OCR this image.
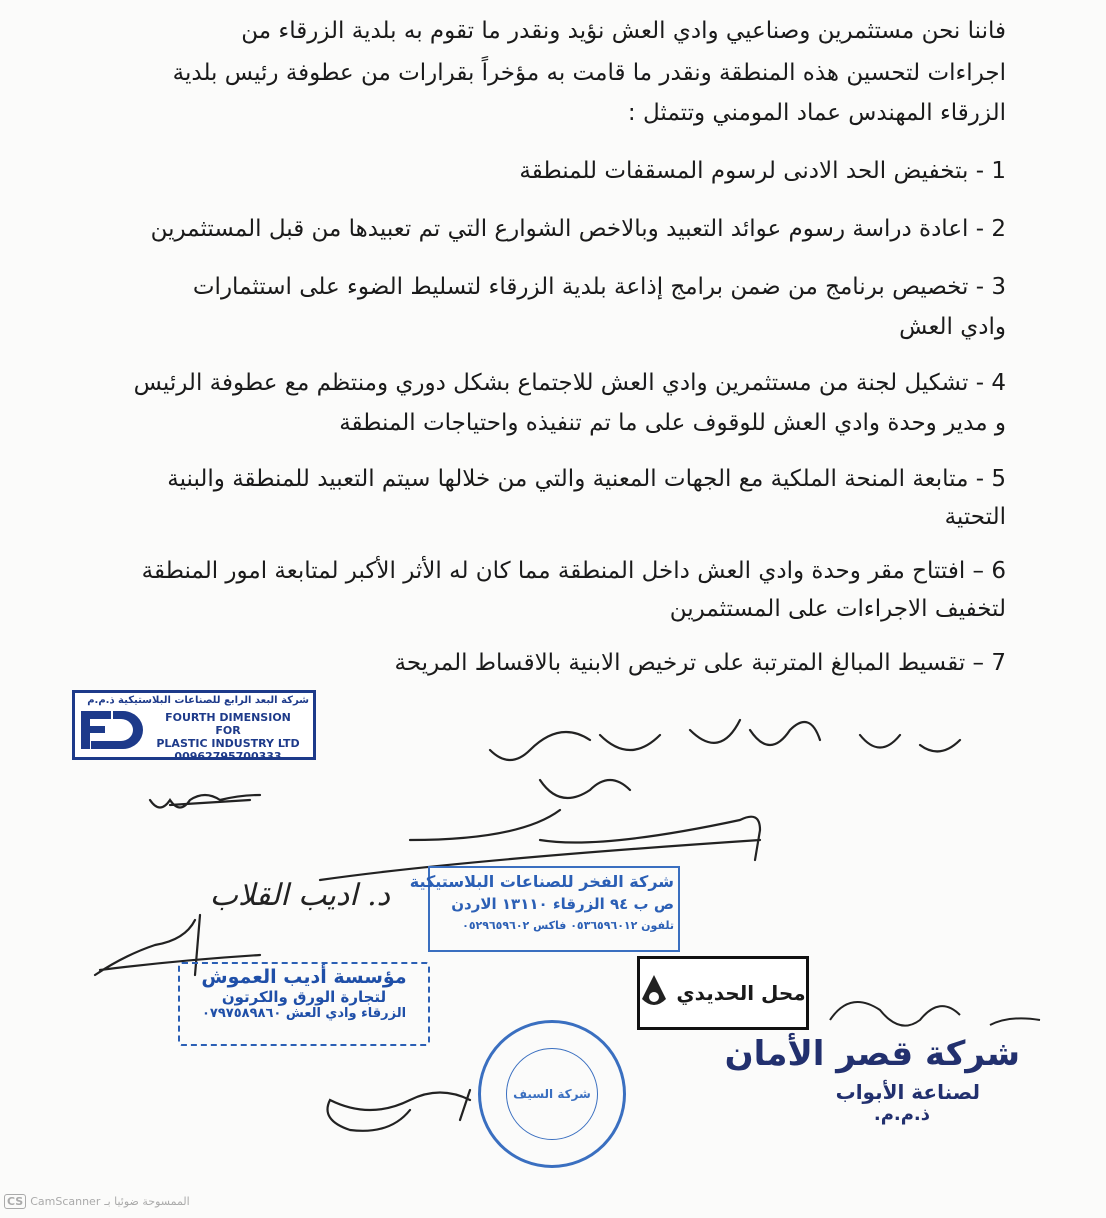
فاننا نحن مستثمرين وصناعيي وادي العش نؤيد ونقدر ما تقوم به بلدية الزرقاء من
اجراءات لتحسين هذه المنطقة ونقدر ما قامت به مؤخراً بقرارات من عطوفة رئيس بلدية
الزرقاء المهندس عماد المومني وتتمثل :
1 - بتخفيض الحد الادنى لرسوم المسقفات للمنطقة
2 - اعادة دراسة رسوم عوائد التعبيد وبالاخص الشوارع التي تم تعبيدها من قبل المستثمرين
3 - تخصيص برنامج من ضمن برامج إذاعة بلدية الزرقاء لتسليط الضوء على استثمارات
وادي العش
4 - تشكيل لجنة من مستثمرين وادي العش للاجتماع بشكل دوري ومنتظم مع عطوفة الرئيس
و مدير وحدة وادي العش للوقوف على ما تم تنفيذه واحتياجات المنطقة
5 - متابعة المنحة الملكية مع الجهات المعنية والتي من خلالها سيتم التعبيد للمنطقة والبنية
التحتية
6 – افتتاح مقر وحدة وادي العش داخل المنطقة مما كان له الأثر الأكبر لمتابعة امور المنطقة
لتخفيف الاجراءات على المستثمرين
7 – تقسيط المبالغ المترتبة على ترخيص الابنية بالاقساط المريحة
د. اديب القلاب
شركة البعد الرابع للصناعات البلاستيكية ذ.م.م
FOURTH DIMENSION FOR
PLASTIC INDUSTRY LTD
00962795700333
شركة الفخر للصناعات البلاستيكية
ص ب ٩٤ الزرقاء ١٣١١٠ الاردن
تلفون ٠٥٣٦٥٩٦٠١٢ فاكس ٠٥٢٩٦٥٩٦٠٢
محل الحديدي
مؤسسة أديب العموش
لتجارة الورق والكرتون
الزرقاء وادي العش ٠٧٩٧٥٨٩٨٦٠
شركة السيف
شركة قصر الأمان
لصناعة الأبواب
ذ.م.م.
CS CamScanner الممسوحة ضوئيا بـ
